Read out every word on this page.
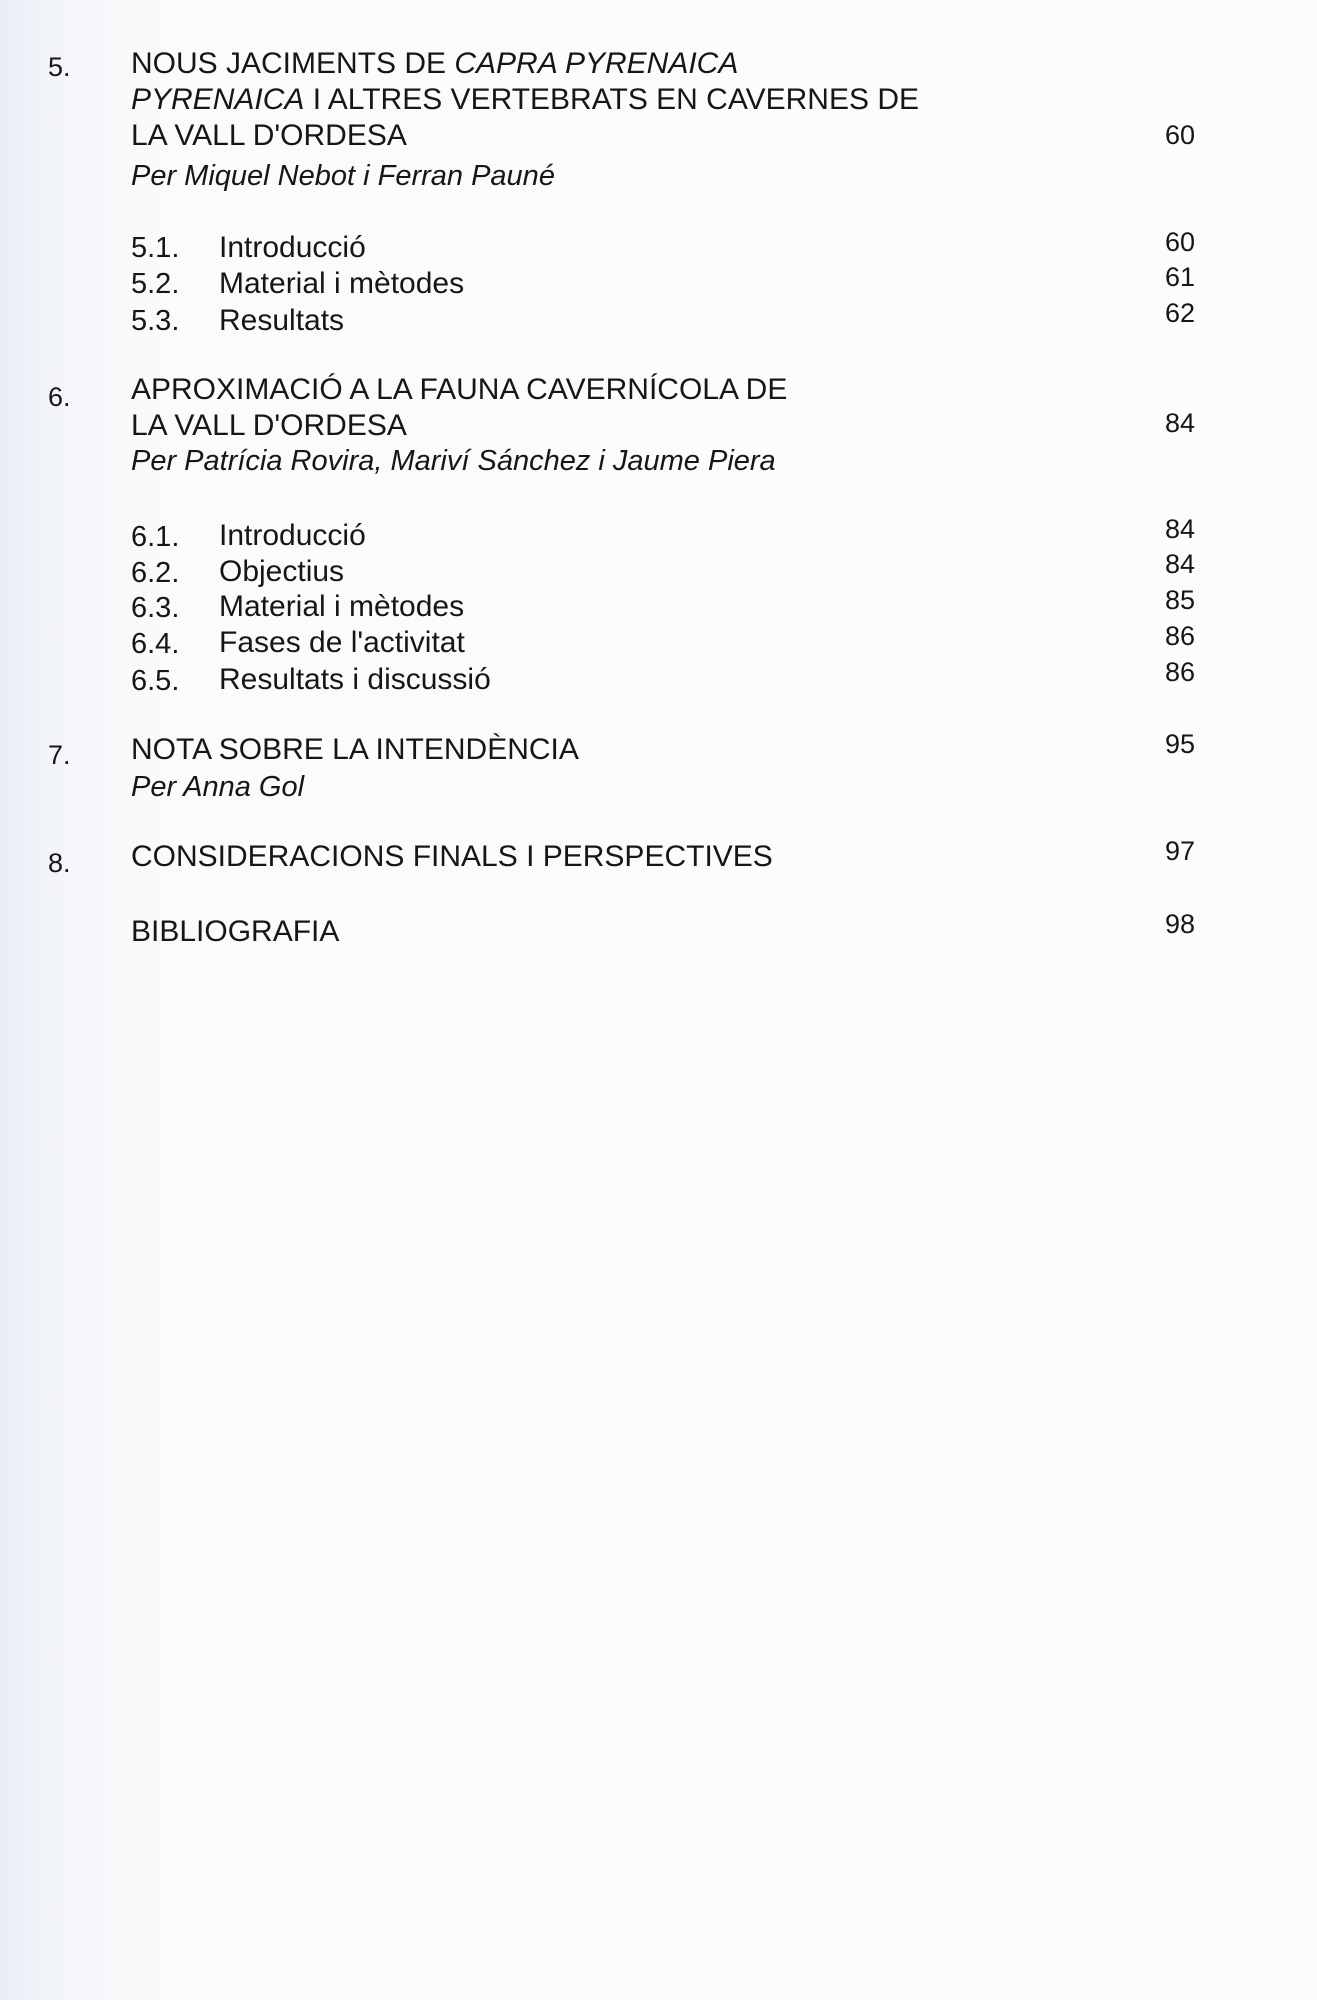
5. NOUS JACIMENTS DE CAPRA PYRENAICA
PYRENAICA I ALTRES VERTEBRATS EN CAVERNES DE
LA VALL D'ORDESA	60
Per Miquel Nebot i Ferran Pauné
5.1. Introducció	60
5.2. Material i mètodes	61
5.3. Resultats	62
6. APROXIMACIÓ A LA FAUNA CAVERNÍCOLA DE
LA VALL D'ORDESA	84
Per Patrícia Rovira, Mariví Sánchez i Jaume Piera
6.1. Introducció	84
6.2. Objectius	84
6.3. Material i mètodes	85
6.4. Fases de l'activitat	86
6.5. Resultats i discussió	86
7. NOTA SOBRE LA INTENDÈNCIA	95
Per Anna Gol
8. CONSIDERACIONS FINALS I PERSPECTIVES	97
BIBLIOGRAFIA	98
